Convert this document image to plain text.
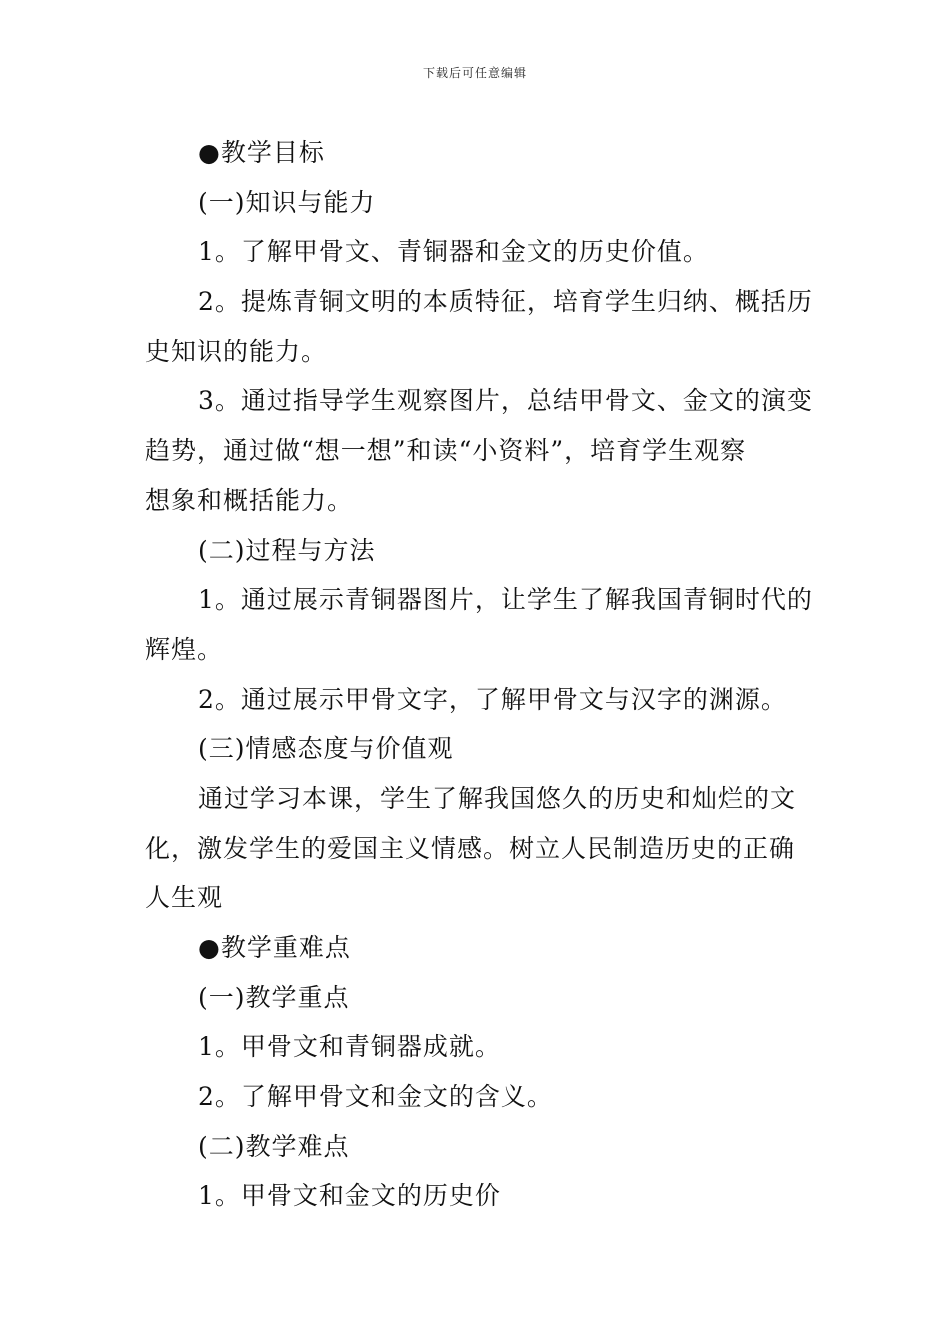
下载后可任意编辑
●教学目标
(一)知识与能力
1。了解甲骨文、青铜器和金文的历史价值。
2。提炼青铜文明的本质特征，培育学生归纳、概括历
史知识的能力。
3。通过指导学生观察图片，总结甲骨文、金文的演变
趋势，通过做“想一想”和读“小资料”，培育学生观察
想象和概括能力。
(二)过程与方法
1。通过展示青铜器图片，让学生了解我国青铜时代的
辉煌。
2。通过展示甲骨文字，了解甲骨文与汉字的渊源。
(三)情感态度与价值观
通过学习本课，学生了解我国悠久的历史和灿烂的文
化，激发学生的爱国主义情感。树立人民制造历史的正确
人生观
●教学重难点
(一)教学重点
1。甲骨文和青铜器成就。
2。了解甲骨文和金文的含义。
(二)教学难点
1。甲骨文和金文的历史价
